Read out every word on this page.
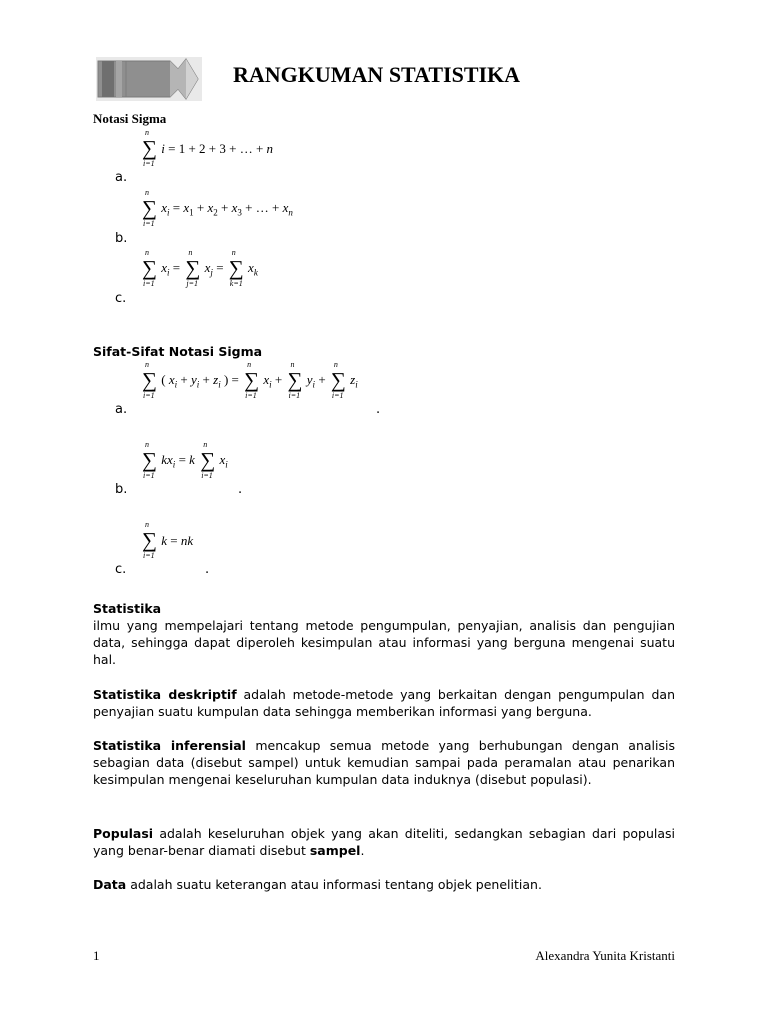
RANGKUMAN STATISTIKA
Notasi Sigma
n
∑
i=1
i = 1 + 2 + 3 + … + n
a.
n
∑
i=1
$x_i = x_1 + x_2 + x_3$ + … + $x_n$
b.
n
∑
i=1
$x_i$ =
n
∑
j=1
$x_j$ =
n
∑
k=1
$x_k$
c.
Sifat-Sifat Notasi Sigma
n
∑
i=1
( $x_i + y_i + z_i$ ) =
n
∑
i=1
$x_i$ +
n
∑
i=1
$y_i$ +
n
∑
i=1
$z_i$
a.	.
n
∑
i=1
$kx_i = k$
n
∑
i=1
$x_i$
b.	.
n
∑
i=1
k = nk
c.	.
Statistika
ilmu yang mempelajari tentang metode pengumpulan, penyajian, analisis dan pengujian data, sehingga dapat diperoleh kesimpulan atau informasi yang berguna mengenai suatu hal.
Statistika deskriptif adalah metode-metode yang berkaitan dengan pengumpulan dan penyajian suatu kumpulan data sehingga memberikan informasi yang berguna.
Statistika inferensial mencakup semua metode yang berhubungan dengan analisis sebagian data (disebut sampel) untuk kemudian sampai pada peramalan atau penarikan kesimpulan mengenai keseluruhan kumpulan data induknya (disebut populasi).
Populasi adalah keseluruhan objek yang akan diteliti, sedangkan sebagian dari populasi yang benar-benar diamati disebut sampel.
Data adalah suatu keterangan atau informasi tentang objek penelitian.
1	Alexandra Yunita Kristanti
